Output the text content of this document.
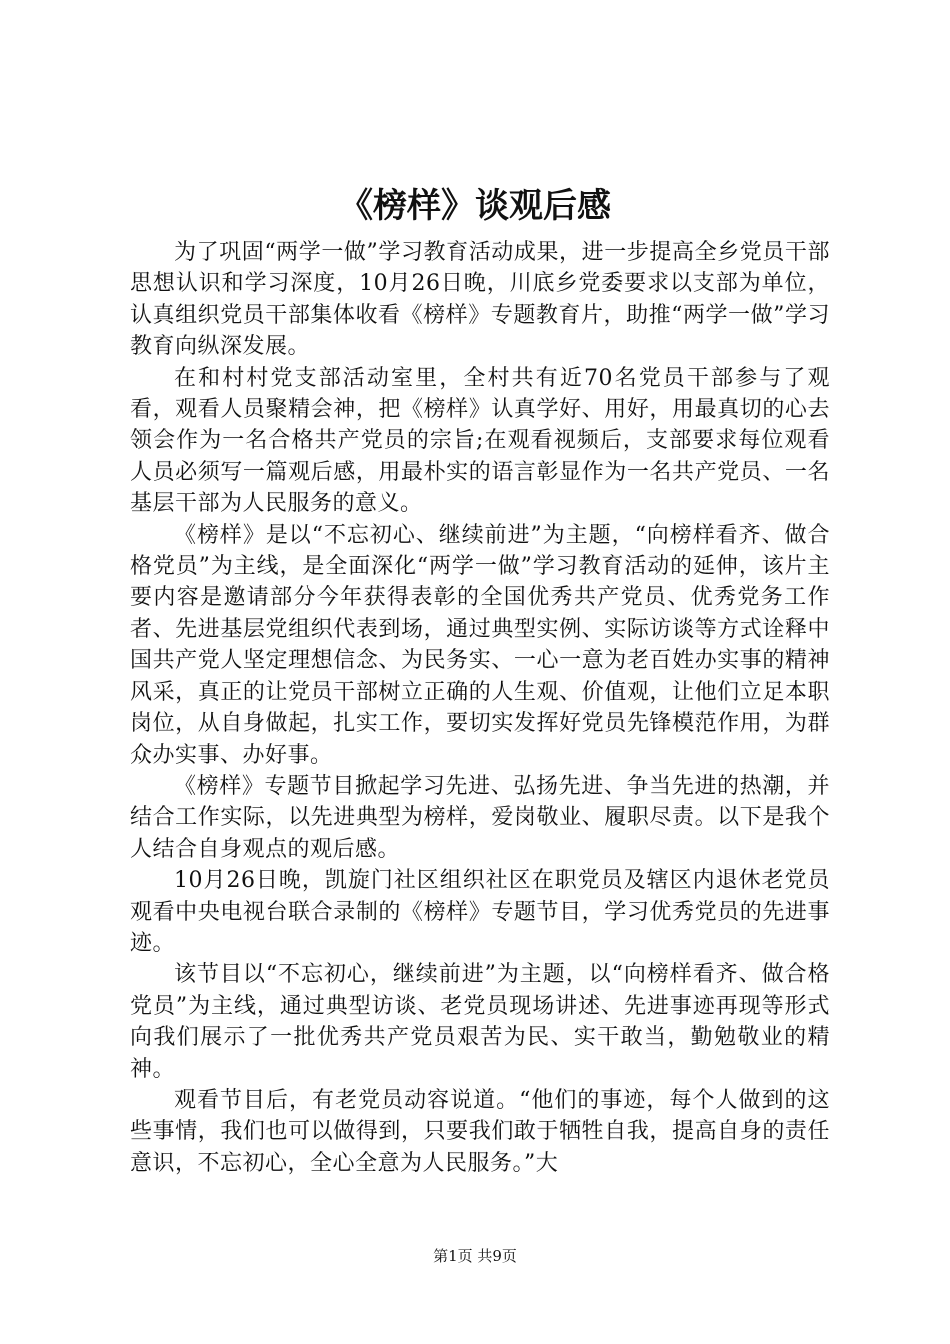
《榜样》谈观后感

为了巩固“两学一做”学习教育活动成果，进一步提高全乡党员干部思想认识和学习深度，10月26日晚，川底乡党委要求以支部为单位，认真组织党员干部集体收看《榜样》专题教育片，助推“两学一做”学习教育向纵深发展。

在和村村党支部活动室里，全村共有近70名党员干部参与了观看，观看人员聚精会神，把《榜样》认真学好、用好，用最真切的心去领会作为一名合格共产党员的宗旨;在观看视频后，支部要求每位观看人员必须写一篇观后感，用最朴实的语言彰显作为一名共产党员、一名基层干部为人民服务的意义。

《榜样》是以“不忘初心、继续前进”为主题，“向榜样看齐、做合格党员”为主线，是全面深化“两学一做”学习教育活动的延伸，该片主要内容是邀请部分今年获得表彰的全国优秀共产党员、优秀党务工作者、先进基层党组织代表到场，通过典型实例、实际访谈等方式诠释中国共产党人坚定理想信念、为民务实、一心一意为老百姓办实事的精神风采，真正的让党员干部树立正确的人生观、价值观，让他们立足本职岗位，从自身做起，扎实工作，要切实发挥好党员先锋模范作用，为群众办实事、办好事。

《榜样》专题节目掀起学习先进、弘扬先进、争当先进的热潮，并结合工作实际，以先进典型为榜样，爱岗敬业、履职尽责。以下是我个人结合自身观点的观后感。

10月26日晚，凯旋门社区组织社区在职党员及辖区内退休老党员观看中央电视台联合录制的《榜样》专题节目，学习优秀党员的先进事迹。

该节目以“不忘初心，继续前进”为主题，以“向榜样看齐、做合格党员”为主线，通过典型访谈、老党员现场讲述、先进事迹再现等形式向我们展示了一批优秀共产党员艰苦为民、实干敢当，勤勉敬业的精神。

观看节目后，有老党员动容说道。“他们的事迹，每个人做到的这些事情，我们也可以做得到，只要我们敢于牺牲自我，提高自身的责任意识，不忘初心，全心全意为人民服务。”大

第1页 共9页
